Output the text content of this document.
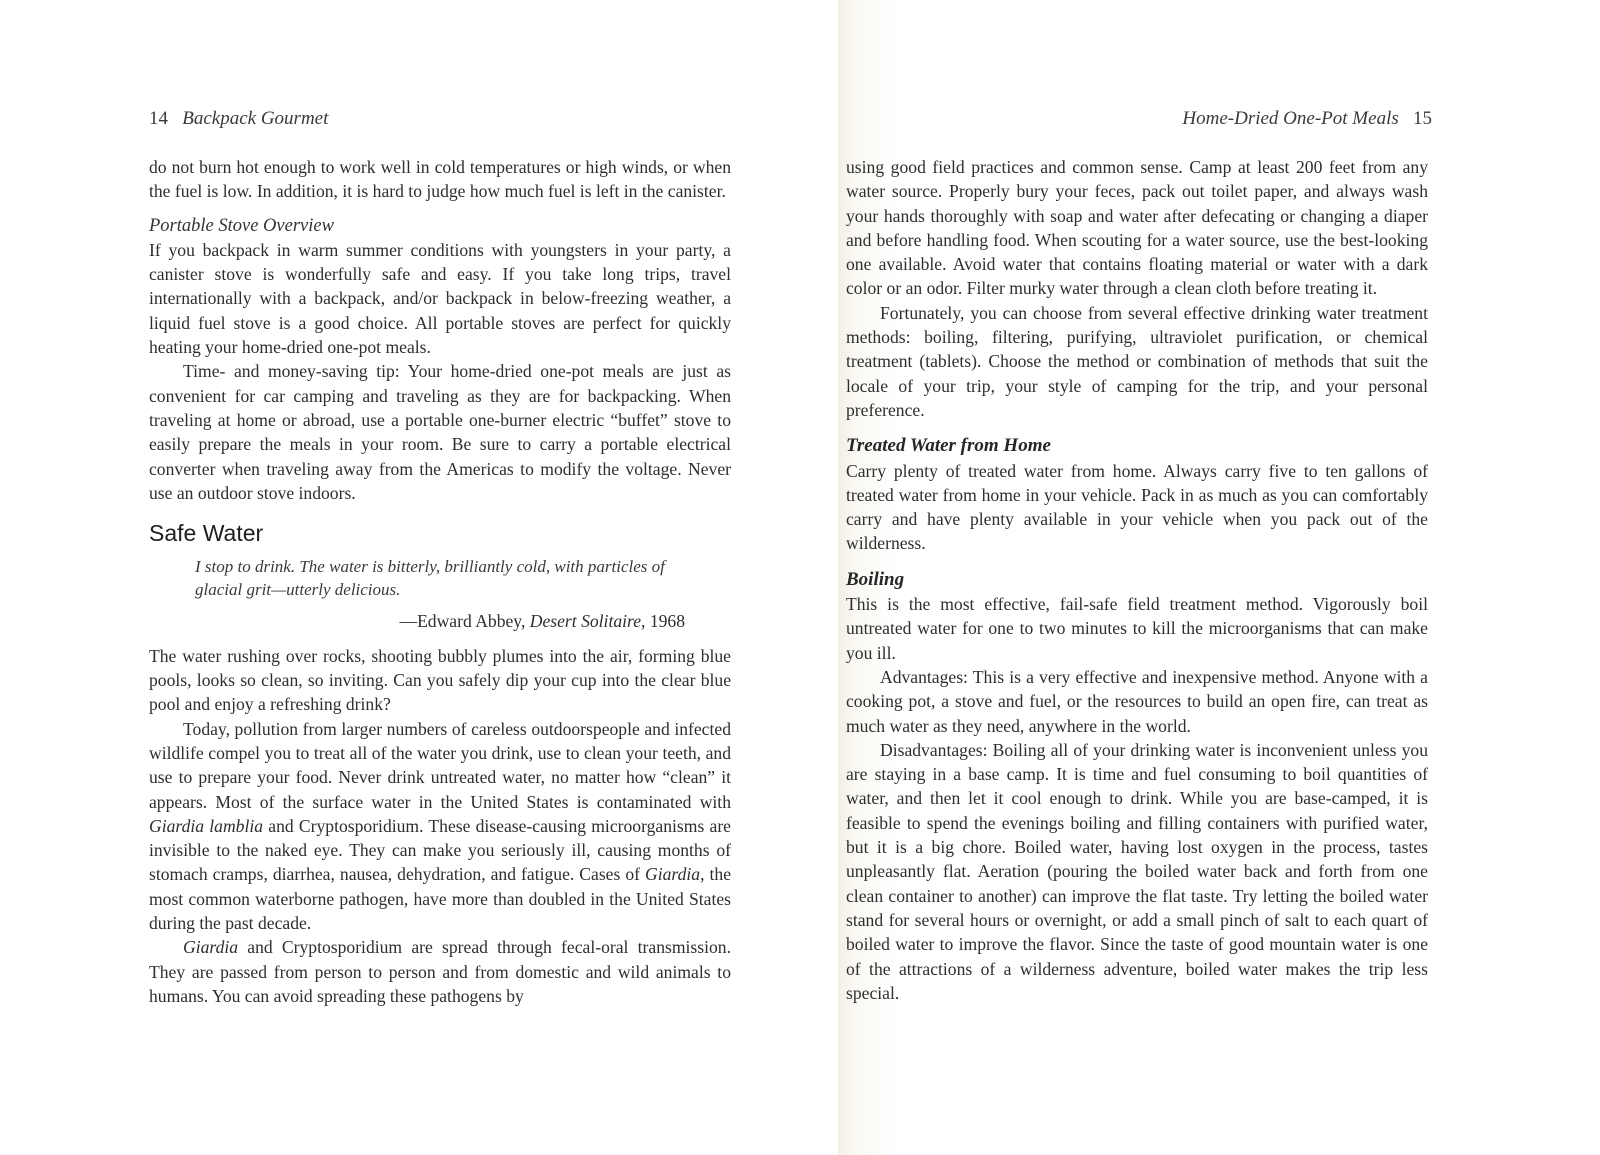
14 Backpack Gourmet

do not burn hot enough to work well in cold temperatures or high winds, or when the fuel is low. In addition, it is hard to judge how much fuel is left in the canister.

Portable Stove Overview

If you backpack in warm summer conditions with youngsters in your party, a canister stove is wonderfully safe and easy. If you take long trips, travel internationally with a backpack, and/or backpack in below-freezing weather, a liquid fuel stove is a good choice. All portable stoves are perfect for quickly heating your home-dried one-pot meals.

Time- and money-saving tip: Your home-dried one-pot meals are just as convenient for car camping and traveling as they are for backpacking. When traveling at home or abroad, use a portable one-burner electric “buffet” stove to easily prepare the meals in your room. Be sure to carry a portable electrical converter when traveling away from the Americas to modify the voltage. Never use an outdoor stove indoors.

Safe Water

I stop to drink. The water is bitterly, brilliantly cold, with particles of glacial grit—utterly delicious.

—Edward Abbey, Desert Solitaire, 1968

The water rushing over rocks, shooting bubbly plumes into the air, forming blue pools, looks so clean, so inviting. Can you safely dip your cup into the clear blue pool and enjoy a refreshing drink?

Today, pollution from larger numbers of careless outdoorspeople and infected wildlife compel you to treat all of the water you drink, use to clean your teeth, and use to prepare your food. Never drink untreated water, no matter how “clean” it appears. Most of the surface water in the United States is contaminated with Giardia lamblia and Cryptosporidium. These disease-causing microorganisms are invisible to the naked eye. They can make you seriously ill, causing months of stomach cramps, diarrhea, nausea, dehydration, and fatigue. Cases of Giardia, the most common waterborne pathogen, have more than doubled in the United States during the past decade.

Giardia and Cryptosporidium are spread through fecal-oral transmission. They are passed from person to person and from domestic and wild animals to humans. You can avoid spreading these pathogens by

Home-Dried One-Pot Meals 15

using good field practices and common sense. Camp at least 200 feet from any water source. Properly bury your feces, pack out toilet paper, and always wash your hands thoroughly with soap and water after defecating or changing a diaper and before handling food. When scouting for a water source, use the best-looking one available. Avoid water that contains floating material or water with a dark color or an odor. Filter murky water through a clean cloth before treating it.

Fortunately, you can choose from several effective drinking water treatment methods: boiling, filtering, purifying, ultraviolet purification, or chemical treatment (tablets). Choose the method or combination of methods that suit the locale of your trip, your style of camping for the trip, and your personal preference.

Treated Water from Home

Carry plenty of treated water from home. Always carry five to ten gallons of treated water from home in your vehicle. Pack in as much as you can comfortably carry and have plenty available in your vehicle when you pack out of the wilderness.

Boiling

This is the most effective, fail-safe field treatment method. Vigorously boil untreated water for one to two minutes to kill the microorganisms that can make you ill.

Advantages: This is a very effective and inexpensive method. Anyone with a cooking pot, a stove and fuel, or the resources to build an open fire, can treat as much water as they need, anywhere in the world.

Disadvantages: Boiling all of your drinking water is inconvenient unless you are staying in a base camp. It is time and fuel consuming to boil quantities of water, and then let it cool enough to drink. While you are base-camped, it is feasible to spend the evenings boiling and filling containers with purified water, but it is a big chore. Boiled water, having lost oxygen in the process, tastes unpleasantly flat. Aeration (pouring the boiled water back and forth from one clean container to another) can improve the flat taste. Try letting the boiled water stand for several hours or overnight, or add a small pinch of salt to each quart of boiled water to improve the flavor. Since the taste of good mountain water is one of the attractions of a wilderness adventure, boiled water makes the trip less special.
